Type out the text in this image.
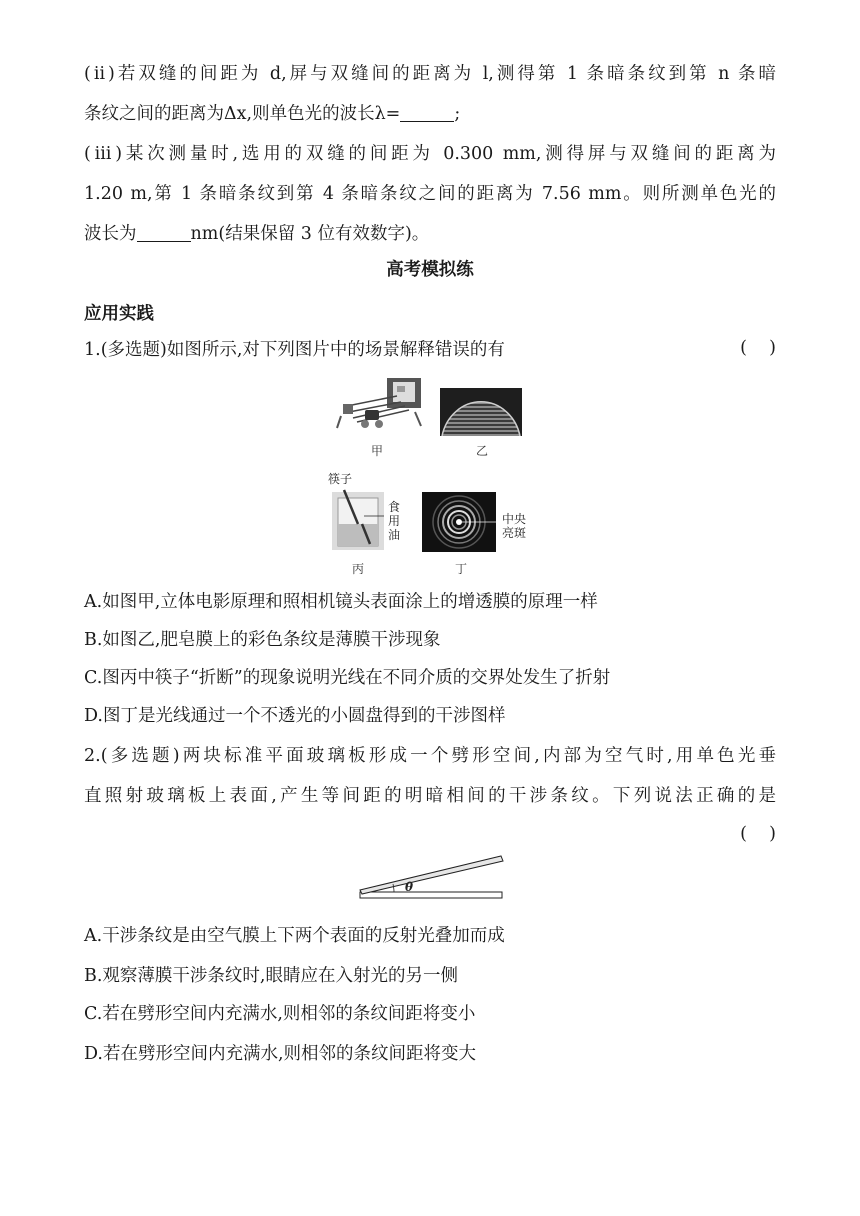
(ⅱ)若双缝的间距为 d,屏与双缝间的距离为 l,测得第 1 条暗条纹到第 n 条暗
条纹之间的距离为Δx,则单色光的波长λ=	;
(ⅲ)某次测量时,选用的双缝的间距为 0.300 mm,测得屏与双缝间的距离为
1.20 m,第 1 条暗条纹到第 4 条暗条纹之间的距离为 7.56 mm。则所测单色光的
波长为	nm(结果保留 3 位有效数字)。
高考模拟练
应用实践
1.(多选题)如图所示,对下列图片中的场景解释错误的有	(    )
甲	乙
筷子
食
用
油
丙
中央
亮斑
丁
A.如图甲,立体电影原理和照相机镜头表面涂上的增透膜的原理一样
B.如图乙,肥皂膜上的彩色条纹是薄膜干涉现象
C.图丙中筷子“折断”的现象说明光线在不同介质的交界处发生了折射
D.图丁是光线通过一个不透光的小圆盘得到的干涉图样
2.(多选题)两块标准平面玻璃板形成一个劈形空间,内部为空气时,用单色光垂
直照射玻璃板上表面,产生等间距的明暗相间的干涉条纹。下列说法正确的是
(    )
θ
A.干涉条纹是由空气膜上下两个表面的反射光叠加而成
B.观察薄膜干涉条纹时,眼睛应在入射光的另一侧
C.若在劈形空间内充满水,则相邻的条纹间距将变小
D.若在劈形空间内充满水,则相邻的条纹间距将变大
